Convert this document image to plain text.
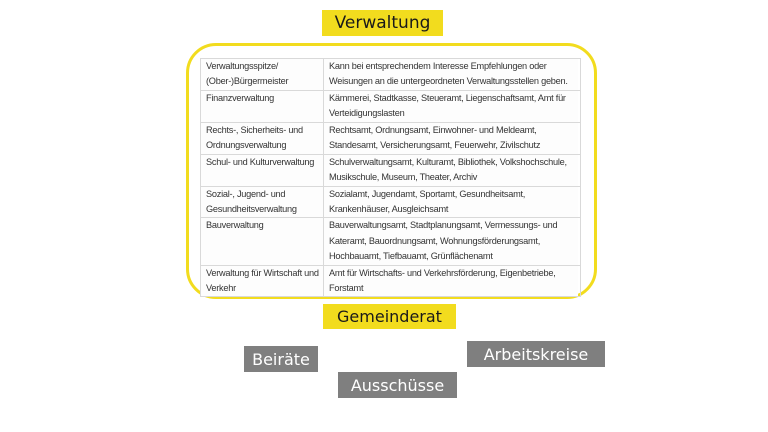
Verwaltung
Verwaltungsspitze/ (Ober-)Bürgermeister	Kann bei entsprechendem Interesse Empfehlungen oder Weisungen an die untergeordneten Verwaltungsstellen geben.
Finanzverwaltung	Kämmerei, Stadtkasse, Steueramt, Liegenschaftsamt, Amt für Verteidigungslasten
Rechts-, Sicherheits- und Ordnungsverwaltung	Rechtsamt, Ordnungsamt, Einwohner- und Meldeamt, Standesamt, Versicherungsamt, Feuerwehr, Zivilschutz
Schul- und Kulturverwaltung	Schulverwaltungsamt, Kulturamt, Bibliothek, Volkshochschule, Musikschule, Museum, Theater, Archiv
Sozial-, Jugend- und Gesundheitsverwaltung	Sozialamt, Jugendamt, Sportamt, Gesundheitsamt, Krankenhäuser, Ausgleichsamt
Bauverwaltung	Bauverwaltungsamt, Stadtplanungsamt, Vermessungs- und Kateramt, Bauordnungsamt, Wohnungsförderungsamt, Hochbauamt, Tiefbauamt, Grünflächenamt
Verwaltung für Wirtschaft und Verkehr	Amt für Wirtschafts- und Verkehrsförderung, Eigenbetriebe, Forstamt
Gemeinderat
Beiräte
Ausschüsse
Arbeitskreise
